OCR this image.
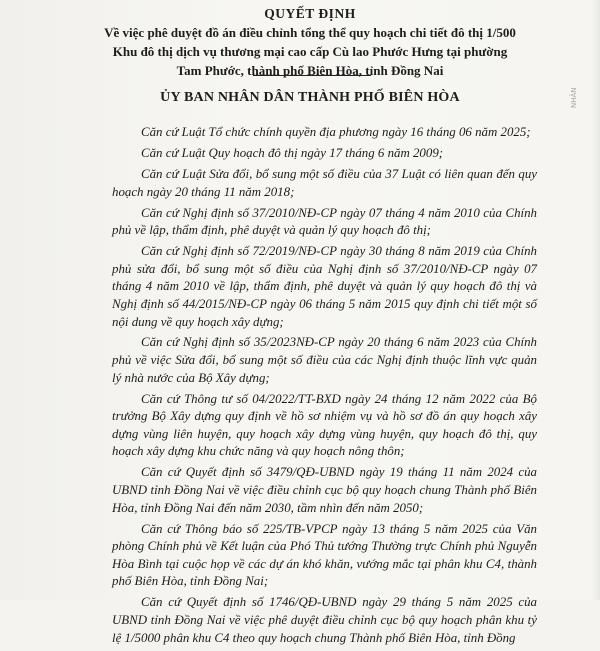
QUYẾT ĐỊNH
Về việc phê duyệt đồ án điều chỉnh tổng thể quy hoạch chi tiết đô thị 1/500
Khu đô thị dịch vụ thương mại cao cấp Cù lao Phước Hưng tại phường
Tam Phước, thành phố Biên Hòa, tỉnh Đồng Nai
ỦY BAN NHÂN DÂN THÀNH PHỐ BIÊN HÒA

Căn cứ Luật Tổ chức chính quyền địa phương ngày 16 tháng 06 năm 2025;

Căn cứ Luật Quy hoạch đô thị ngày 17 tháng 6 năm 2009;

Căn cứ Luật Sửa đổi, bổ sung một số điều của 37 Luật có liên quan đến quy hoạch ngày 20 tháng 11 năm 2018;

Căn cứ Nghị định số 37/2010/NĐ-CP ngày 07 tháng 4 năm 2010 của Chính phủ về lập, thẩm định, phê duyệt và quản lý quy hoạch đô thị;

Căn cứ Nghị định số 72/2019/NĐ-CP ngày 30 tháng 8 năm 2019 của Chính phủ sửa đổi, bổ sung một số điều của Nghị định số 37/2010/NĐ-CP ngày 07 tháng 4 năm 2010 về lập, thẩm định, phê duyệt và quản lý quy hoạch đô thị và Nghị định số 44/2015/NĐ-CP ngày 06 tháng 5 năm 2015 quy định chi tiết một số nội dung về quy hoạch xây dựng;

Căn cứ Nghị định số 35/2023NĐ-CP ngày 20 tháng 6 năm 2023 của Chính phủ về việc Sửa đổi, bổ sung một số điều của các Nghị định thuộc lĩnh vực quản lý nhà nước của Bộ Xây dựng;

Căn cứ Thông tư số 04/2022/TT-BXD ngày 24 tháng 12 năm 2022 của Bộ trưởng Bộ Xây dựng quy định về hồ sơ nhiệm vụ và hồ sơ đồ án quy hoạch xây dựng vùng liên huyện, quy hoạch xây dựng vùng huyện, quy hoạch đô thị, quy hoạch xây dựng khu chức năng và quy hoạch nông thôn;

Căn cứ Quyết định số 3479/QĐ-UBND ngày 19 tháng 11 năm 2024 của UBND tỉnh Đồng Nai về việc điều chỉnh cục bộ quy hoạch chung Thành phố Biên Hòa, tỉnh Đồng Nai đến năm 2030, tầm nhìn đến năm 2050;

Căn cứ Thông báo số 225/TB-VPCP ngày 13 tháng 5 năm 2025 của Văn phòng Chính phủ về Kết luận của Phó Thủ tướng Thường trực Chính phủ Nguyễn Hòa Bình tại cuộc họp về các dự án khó khăn, vướng mắc tại phân khu C4, thành phố Biên Hòa, tỉnh Đồng Nai;

Căn cứ Quyết định số 1746/QĐ-UBND ngày 29 tháng 5 năm 2025 của UBND tỉnh Đồng Nai về việc phê duyệt điều chỉnh cục bộ quy hoạch phân khu tỷ lệ 1/5000 phân khu C4 theo quy hoạch chung Thành phố Biên Hòa, tỉnh Đồng

NHÂN
